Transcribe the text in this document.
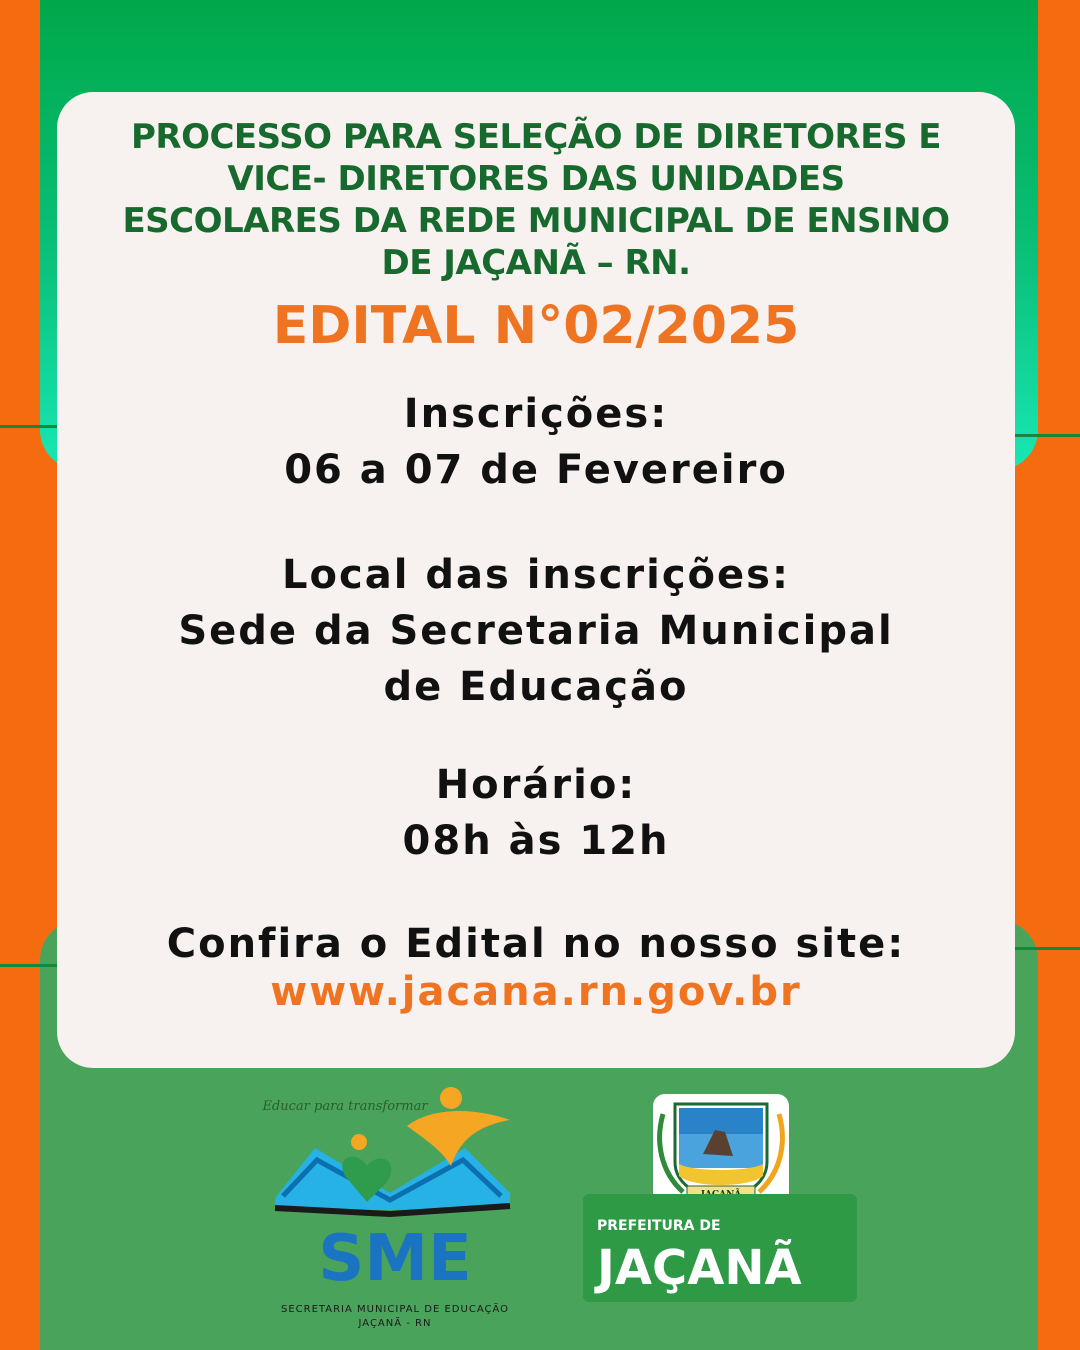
PROCESSO PARA SELEÇÃO DE DIRETORES E
VICE- DIRETORES DAS UNIDADES
ESCOLARES DA REDE MUNICIPAL DE ENSINO
DE JAÇANÃ – RN.
EDITAL N°02/2025
Inscrições:
06 a 07 de Fevereiro
Local das inscrições:
Sede da Secretaria Municipal
de Educação
Horário:
08h às 12h
Confira o Edital no nosso site:
www.jacana.rn.gov.br
Educar para transformar
SME
SECRETARIA MUNICIPAL DE EDUCAÇÃO
JAÇANÃ - RN
PREFEITURA DE
JAÇANÃ
